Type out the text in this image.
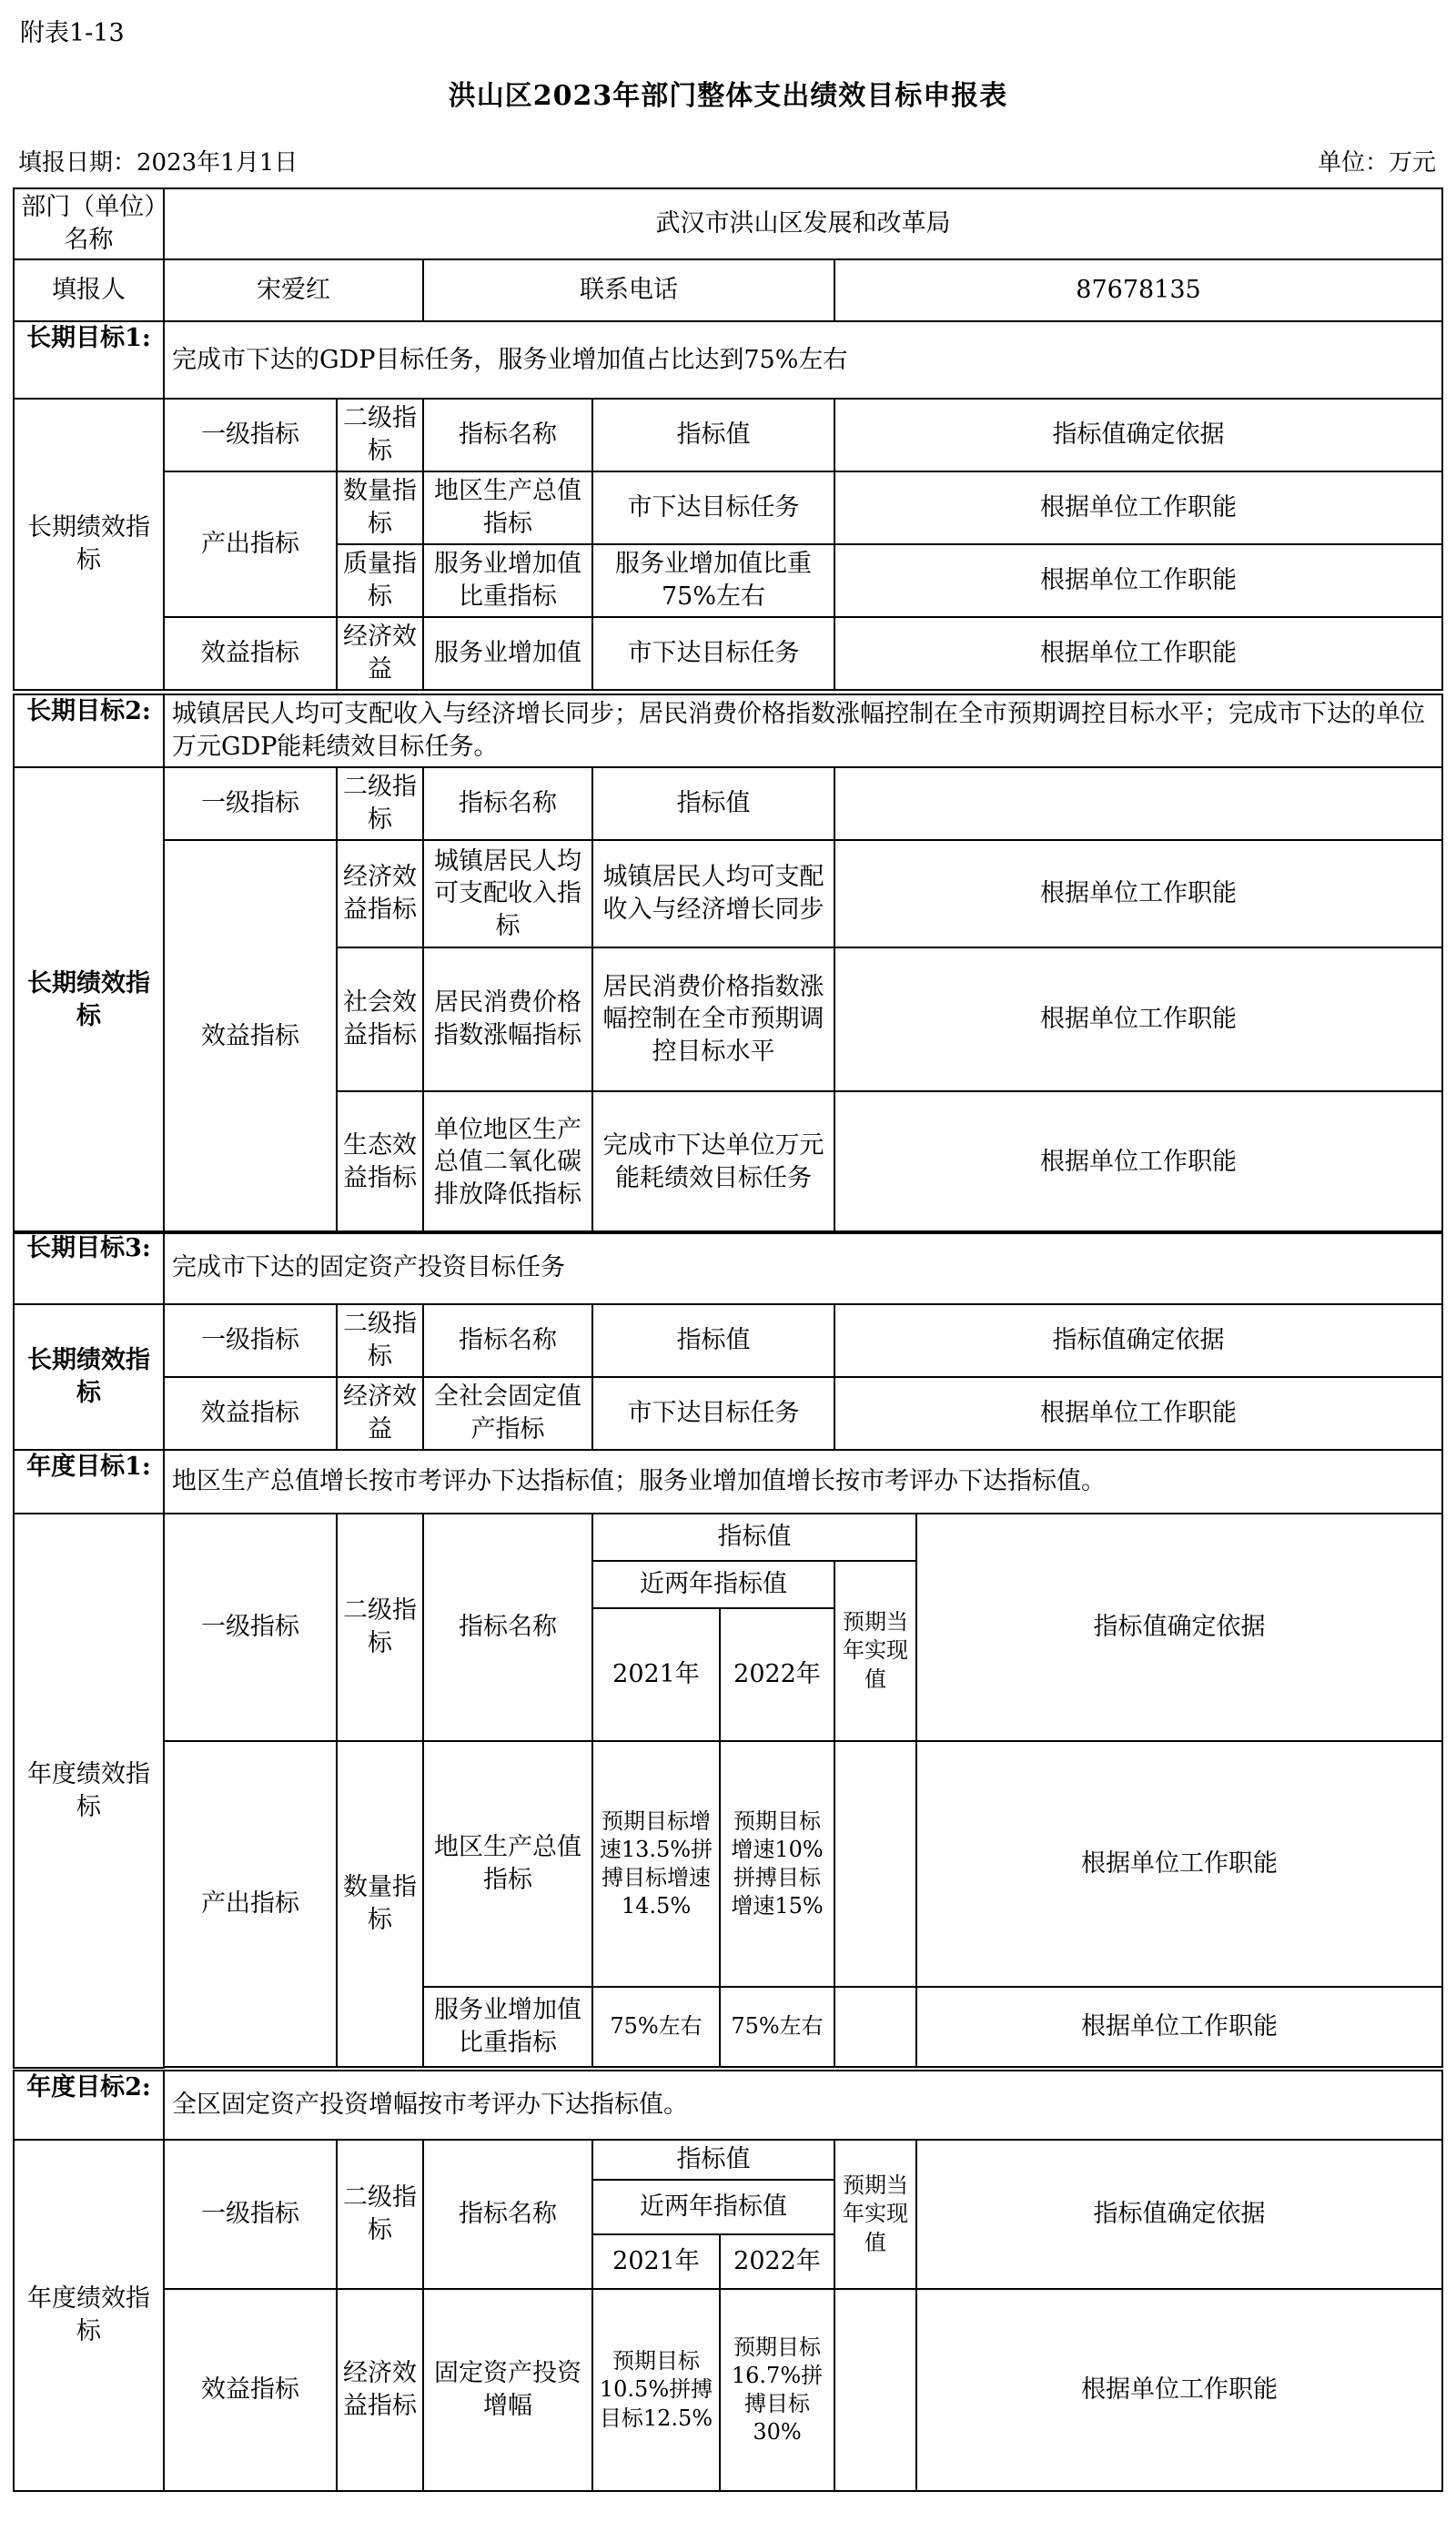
附表1-13
洪山区2023年部门整体支出绩效目标申报表
填报日期：2023年1月1日	单位：万元
部门（单位）名称	武汉市洪山区发展和改革局				
填报人	宋爱红		联系电话		87678135
长期目标1:	完成市下达的GDP目标任务，服务业增加值占比达到75%左右				
长期绩效指标	一级指标	二级指标	指标名称	指标值	指标值确定依据
	产出指标	数量指标	地区生产总值指标	市下达目标任务	根据单位工作职能
		质量指标	服务业增加值比重指标	服务业增加值比重75%左右	根据单位工作职能
	效益指标	经济效益	服务业增加值	市下达目标任务	根据单位工作职能
长期目标2:	城镇居民人均可支配收入与经济增长同步；居民消费价格指数涨幅控制在全市预期调控目标水平；完成市下达的单位万元GDP能耗绩效目标任务。				
长期绩效指标	一级指标	二级指标	指标名称	指标值	
	效益指标	经济效益指标	城镇居民人均可支配收入指标	城镇居民人均可支配收入与经济增长同步	根据单位工作职能
		社会效益指标	居民消费价格指数涨幅指标	居民消费价格指数涨幅控制在全市预期调控目标水平	根据单位工作职能
		生态效益指标	单位地区生产总值二氧化碳排放降低指标	完成市下达单位万元能耗绩效目标任务	根据单位工作职能
长期目标3:	完成市下达的固定资产投资目标任务				
长期绩效指标	一级指标	二级指标	指标名称	指标值	指标值确定依据
	效益指标	经济效益	全社会固定值产指标	市下达目标任务	根据单位工作职能
年度目标1:	地区生产总值增长按市考评办下达指标值；服务业增加值增长按市考评办下达指标值。						
年度绩效指标	一级指标	二级指标	指标名称	指标值			指标值确定依据
				近两年指标值		预期当年实现值	
				2021年	2022年		
	产出指标	数量指标	地区生产总值指标	预期目标增速13.5%拼搏目标增速14.5%	预期目标增速10%拼搏目标增速15%		根据单位工作职能
			服务业增加值比重指标	75%左右	75%左右		根据单位工作职能

年度目标2:	全区固定资产投资增幅按市考评办下达指标值。						
年度绩效指标	一级指标	二级指标	指标名称	指标值		预期当年实现值	指标值确定依据
				近两年指标值			
				2021年	2022年		
	效益指标	经济效益指标	固定资产投资增幅	预期目标10.5%拼搏目标12.5%	预期目标16.7%拼搏目标30%		根据单位工作职能
